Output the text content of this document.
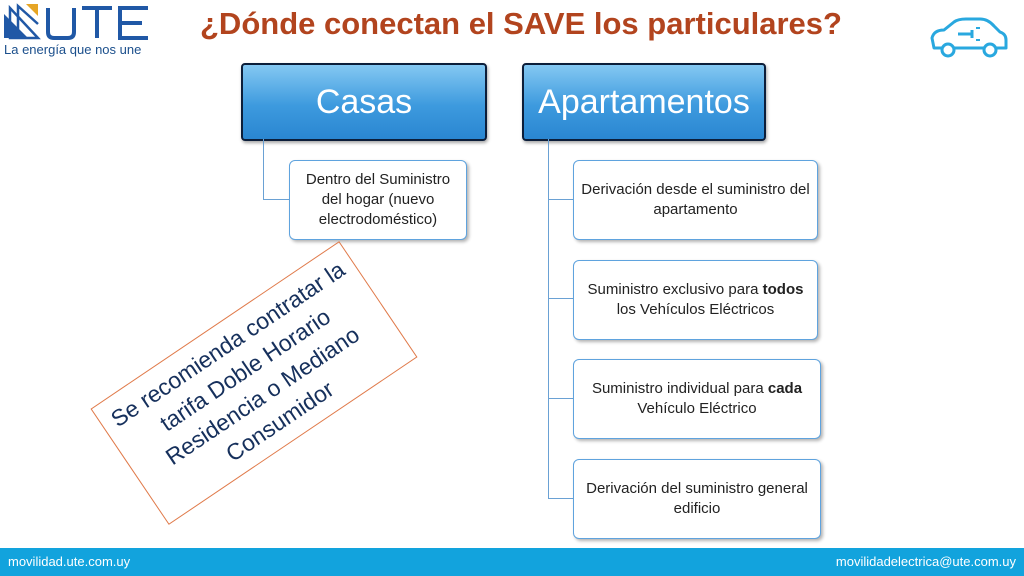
La energía que nos une
¿Dónde conectan el SAVE los particulares?
Casas	Apartamentos
Dentro del Suministro del hogar (nuevo electrodoméstico)
Derivación desde el suministro del apartamento
Suministro exclusivo para todos los Vehículos Eléctricos
Suministro individual para cada Vehículo Eléctrico
Derivación del suministro general edificio
Se recomienda contratar la tarifa Doble Horario Residencia o Mediano Consumidor
movilidad.ute.com.uy	movilidadelectrica@ute.com.uy
